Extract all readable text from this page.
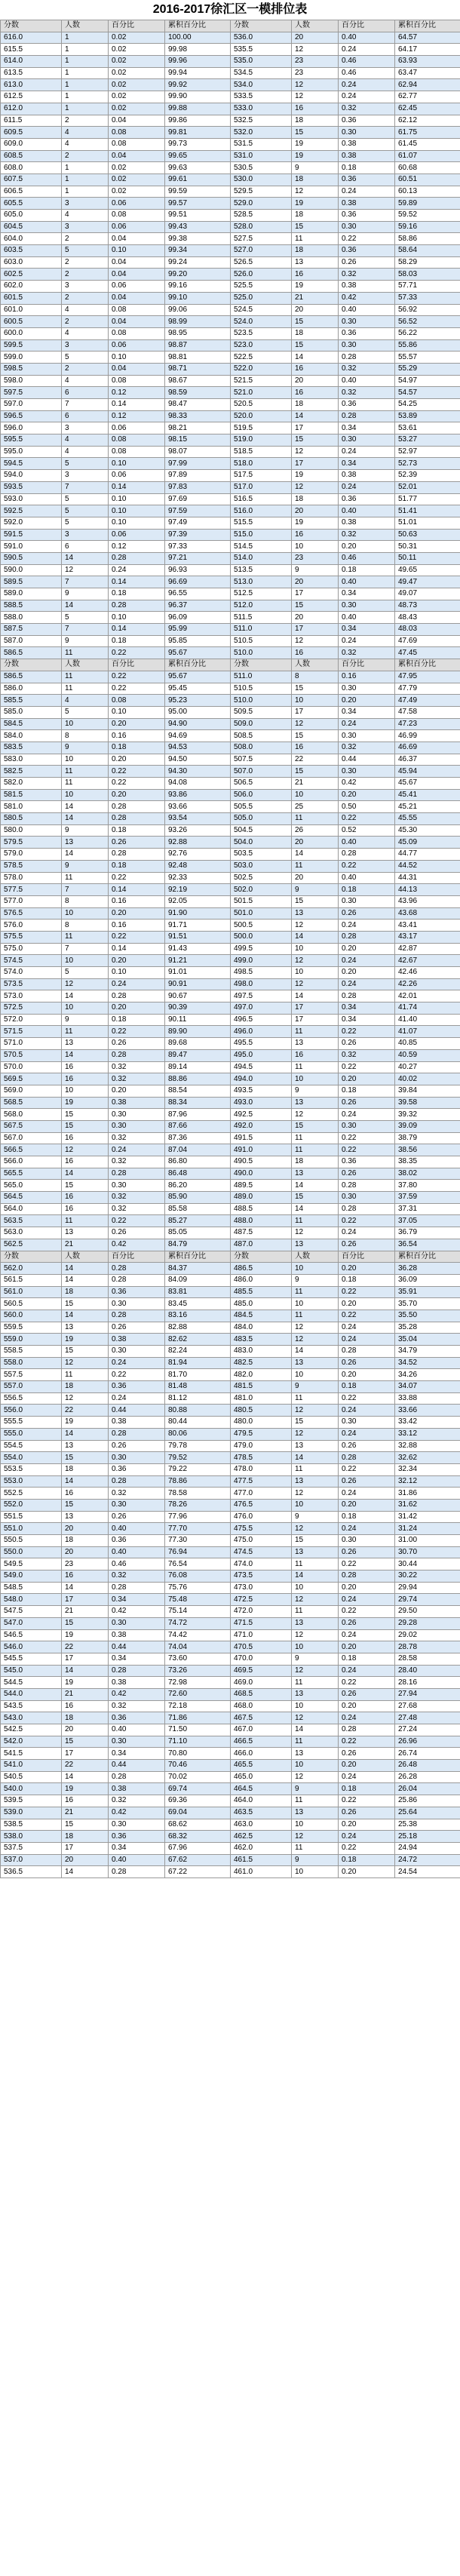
2016-2017徐汇区一模排位表
分数	人数	百分比	累积百分比	分数	人数	百分比	累积百分比
616.0	1	0.02	100.00	536.0	20	0.40	64.57
615.5	1	0.02	99.98	535.5	12	0.24	64.17
614.0	1	0.02	99.96	535.0	23	0.46	63.93
613.5	1	0.02	99.94	534.5	23	0.46	63.47
613.0	1	0.02	99.92	534.0	12	0.24	62.94
612.5	1	0.02	99.90	533.5	12	0.24	62.77
612.0	1	0.02	99.88	533.0	16	0.32	62.45
611.5	2	0.04	99.86	532.5	18	0.36	62.12
609.5	4	0.08	99.81	532.0	15	0.30	61.75
609.0	4	0.08	99.73	531.5	19	0.38	61.45
608.5	2	0.04	99.65	531.0	19	0.38	61.07
608.0	1	0.02	99.63	530.5	9	0.18	60.68
607.5	1	0.02	99.61	530.0	18	0.36	60.51
606.5	1	0.02	99.59	529.5	12	0.24	60.13
605.5	3	0.06	99.57	529.0	19	0.38	59.89
605.0	4	0.08	99.51	528.5	18	0.36	59.52
604.5	3	0.06	99.43	528.0	15	0.30	59.16
604.0	2	0.04	99.38	527.5	11	0.22	58.86
603.5	5	0.10	99.34	527.0	18	0.36	58.64
603.0	2	0.04	99.24	526.5	13	0.26	58.29
602.5	2	0.04	99.20	526.0	16	0.32	58.03
602.0	3	0.06	99.16	525.5	19	0.38	57.71
601.5	2	0.04	99.10	525.0	21	0.42	57.33
601.0	4	0.08	99.06	524.5	20	0.40	56.92
600.5	2	0.04	98.99	524.0	15	0.30	56.52
600.0	4	0.08	98.95	523.5	18	0.36	56.22
599.5	3	0.06	98.87	523.0	15	0.30	55.86
599.0	5	0.10	98.81	522.5	14	0.28	55.57
598.5	2	0.04	98.71	522.0	16	0.32	55.29
598.0	4	0.08	98.67	521.5	20	0.40	54.97
597.5	6	0.12	98.59	521.0	16	0.32	54.57
597.0	7	0.14	98.47	520.5	18	0.36	54.25
596.5	6	0.12	98.33	520.0	14	0.28	53.89
596.0	3	0.06	98.21	519.5	17	0.34	53.61
595.5	4	0.08	98.15	519.0	15	0.30	53.27
595.0	4	0.08	98.07	518.5	12	0.24	52.97
594.5	5	0.10	97.99	518.0	17	0.34	52.73
594.0	3	0.06	97.89	517.5	19	0.38	52.39
593.5	7	0.14	97.83	517.0	12	0.24	52.01
593.0	5	0.10	97.69	516.5	18	0.36	51.77
592.5	5	0.10	97.59	516.0	20	0.40	51.41
592.0	5	0.10	97.49	515.5	19	0.38	51.01
591.5	3	0.06	97.39	515.0	16	0.32	50.63
591.0	6	0.12	97.33	514.5	10	0.20	50.31
590.5	14	0.28	97.21	514.0	23	0.46	50.11
590.0	12	0.24	96.93	513.5	9	0.18	49.65
589.5	7	0.14	96.69	513.0	20	0.40	49.47
589.0	9	0.18	96.55	512.5	17	0.34	49.07
588.5	14	0.28	96.37	512.0	15	0.30	48.73
588.0	5	0.10	96.09	511.5	20	0.40	48.43
587.5	7	0.14	95.99	511.0	17	0.34	48.03
587.0	9	0.18	95.85	510.5	12	0.24	47.69
586.5	11	0.22	95.67	510.0	16	0.32	47.45
分数	人数	百分比	累积百分比	分数	人数	百分比	累积百分比
586.5	11	0.22	95.67	511.0	8	0.16	47.95
586.0	11	0.22	95.45	510.5	15	0.30	47.79
585.5	4	0.08	95.23	510.0	10	0.20	47.49
585.0	5	0.10	95.00	509.5	17	0.34	47.58
584.5	10	0.20	94.90	509.0	12	0.24	47.23
584.0	8	0.16	94.69	508.5	15	0.30	46.99
583.5	9	0.18	94.53	508.0	16	0.32	46.69
583.0	10	0.20	94.50	507.5	22	0.44	46.37
582.5	11	0.22	94.30	507.0	15	0.30	45.94
582.0	11	0.22	94.08	506.5	21	0.42	45.67
581.5	10	0.20	93.86	506.0	10	0.20	45.41
581.0	14	0.28	93.66	505.5	25	0.50	45.21
580.5	14	0.28	93.54	505.0	11	0.22	45.55
580.0	9	0.18	93.26	504.5	26	0.52	45.30
579.5	13	0.26	92.88	504.0	20	0.40	45.09
579.0	14	0.28	92.76	503.5	14	0.28	44.77
578.5	9	0.18	92.48	503.0	11	0.22	44.52
578.0	11	0.22	92.33	502.5	20	0.40	44.31
577.5	7	0.14	92.19	502.0	9	0.18	44.13
577.0	8	0.16	92.05	501.5	15	0.30	43.96
576.5	10	0.20	91.90	501.0	13	0.26	43.68
576.0	8	0.16	91.71	500.5	12	0.24	43.41
575.5	11	0.22	91.51	500.0	14	0.28	43.17
575.0	7	0.14	91.43	499.5	10	0.20	42.87
574.5	10	0.20	91.21	499.0	12	0.24	42.67
574.0	5	0.10	91.01	498.5	10	0.20	42.46
573.5	12	0.24	90.91	498.0	12	0.24	42.26
573.0	14	0.28	90.67	497.5	14	0.28	42.01
572.5	10	0.20	90.39	497.0	17	0.34	41.74
572.0	9	0.18	90.11	496.5	17	0.34	41.40
571.5	11	0.22	89.90	496.0	11	0.22	41.07
571.0	13	0.26	89.68	495.5	13	0.26	40.85
570.5	14	0.28	89.47	495.0	16	0.32	40.59
570.0	16	0.32	89.14	494.5	11	0.22	40.27
569.5	16	0.32	88.86	494.0	10	0.20	40.02
569.0	10	0.20	88.54	493.5	9	0.18	39.84
568.5	19	0.38	88.34	493.0	13	0.26	39.58
568.0	15	0.30	87.96	492.5	12	0.24	39.32
567.5	15	0.30	87.66	492.0	15	0.30	39.09
567.0	16	0.32	87.36	491.5	11	0.22	38.79
566.5	12	0.24	87.04	491.0	11	0.22	38.56
566.0	16	0.32	86.80	490.5	18	0.36	38.35
565.5	14	0.28	86.48	490.0	13	0.26	38.02
565.0	15	0.30	86.20	489.5	14	0.28	37.80
564.5	16	0.32	85.90	489.0	15	0.30	37.59
564.0	16	0.32	85.58	488.5	14	0.28	37.31
563.5	11	0.22	85.27	488.0	11	0.22	37.05
563.0	13	0.26	85.05	487.5	12	0.24	36.79
562.5	21	0.42	84.79	487.0	13	0.26	36.54
分数	人数	百分比	累积百分比	分数	人数	百分比	累积百分比
562.0	14	0.28	84.37	486.5	10	0.20	36.28
561.5	14	0.28	84.09	486.0	9	0.18	36.09
561.0	18	0.36	83.81	485.5	11	0.22	35.91
560.5	15	0.30	83.45	485.0	10	0.20	35.70
560.0	14	0.28	83.16	484.5	11	0.22	35.50
559.5	13	0.26	82.88	484.0	12	0.24	35.28
559.0	19	0.38	82.62	483.5	12	0.24	35.04
558.5	15	0.30	82.24	483.0	14	0.28	34.79
558.0	12	0.24	81.94	482.5	13	0.26	34.52
557.5	11	0.22	81.70	482.0	10	0.20	34.26
557.0	18	0.36	81.48	481.5	9	0.18	34.07
556.5	12	0.24	81.12	481.0	11	0.22	33.88
556.0	22	0.44	80.88	480.5	12	0.24	33.66
555.5	19	0.38	80.44	480.0	15	0.30	33.42
555.0	14	0.28	80.06	479.5	12	0.24	33.12
554.5	13	0.26	79.78	479.0	13	0.26	32.88
554.0	15	0.30	79.52	478.5	14	0.28	32.62
553.5	18	0.36	79.22	478.0	11	0.22	32.34
553.0	14	0.28	78.86	477.5	13	0.26	32.12
552.5	16	0.32	78.58	477.0	12	0.24	31.86
552.0	15	0.30	78.26	476.5	10	0.20	31.62
551.5	13	0.26	77.96	476.0	9	0.18	31.42
551.0	20	0.40	77.70	475.5	12	0.24	31.24
550.5	18	0.36	77.30	475.0	15	0.30	31.00
550.0	20	0.40	76.94	474.5	13	0.26	30.70
549.5	23	0.46	76.54	474.0	11	0.22	30.44
549.0	16	0.32	76.08	473.5	14	0.28	30.22
548.5	14	0.28	75.76	473.0	10	0.20	29.94
548.0	17	0.34	75.48	472.5	12	0.24	29.74
547.5	21	0.42	75.14	472.0	11	0.22	29.50
547.0	15	0.30	74.72	471.5	13	0.26	29.28
546.5	19	0.38	74.42	471.0	12	0.24	29.02
546.0	22	0.44	74.04	470.5	10	0.20	28.78
545.5	17	0.34	73.60	470.0	9	0.18	28.58
545.0	14	0.28	73.26	469.5	12	0.24	28.40
544.5	19	0.38	72.98	469.0	11	0.22	28.16
544.0	21	0.42	72.60	468.5	13	0.26	27.94
543.5	16	0.32	72.18	468.0	10	0.20	27.68
543.0	18	0.36	71.86	467.5	12	0.24	27.48
542.5	20	0.40	71.50	467.0	14	0.28	27.24
542.0	15	0.30	71.10	466.5	11	0.22	26.96
541.5	17	0.34	70.80	466.0	13	0.26	26.74
541.0	22	0.44	70.46	465.5	10	0.20	26.48
540.5	14	0.28	70.02	465.0	12	0.24	26.28
540.0	19	0.38	69.74	464.5	9	0.18	26.04
539.5	16	0.32	69.36	464.0	11	0.22	25.86
539.0	21	0.42	69.04	463.5	13	0.26	25.64
538.5	15	0.30	68.62	463.0	10	0.20	25.38
538.0	18	0.36	68.32	462.5	12	0.24	25.18
537.5	17	0.34	67.96	462.0	11	0.22	24.94
537.0	20	0.40	67.62	461.5	9	0.18	24.72
536.5	14	0.28	67.22	461.0	10	0.20	24.54
